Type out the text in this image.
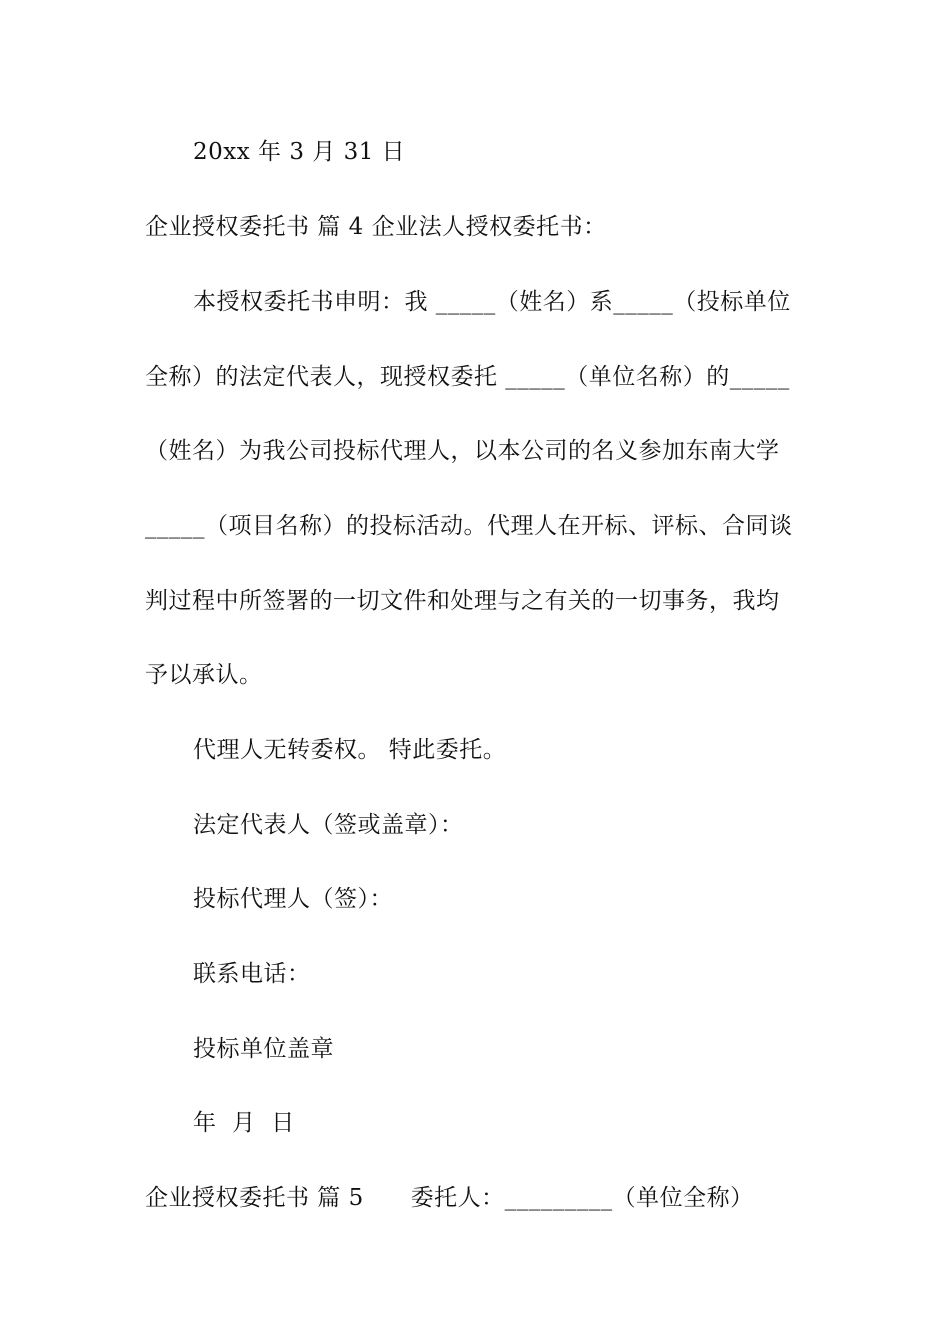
20xx 年 3 月 31 日
企业授权委托书 篇 4 企业法人授权委托书：
本授权委托书申明：我 _____（姓名）系_____（投标单位
全称）的法定代表人，现授权委托 _____（单位名称）的_____
（姓名）为我公司投标代理人，以本公司的名义参加东南大学
_____（项目名称）的投标活动。代理人在开标、评标、合同谈
判过程中所签署的一切文件和处理与之有关的一切事务，我均
予以承认。
代理人无转委权。 特此委托。
法定代表人（签或盖章）：
投标代理人（签）：
联系电话：
投标单位盖章
年  月  日
企业授权委托书 篇 5      委托人：_________（单位全称）
